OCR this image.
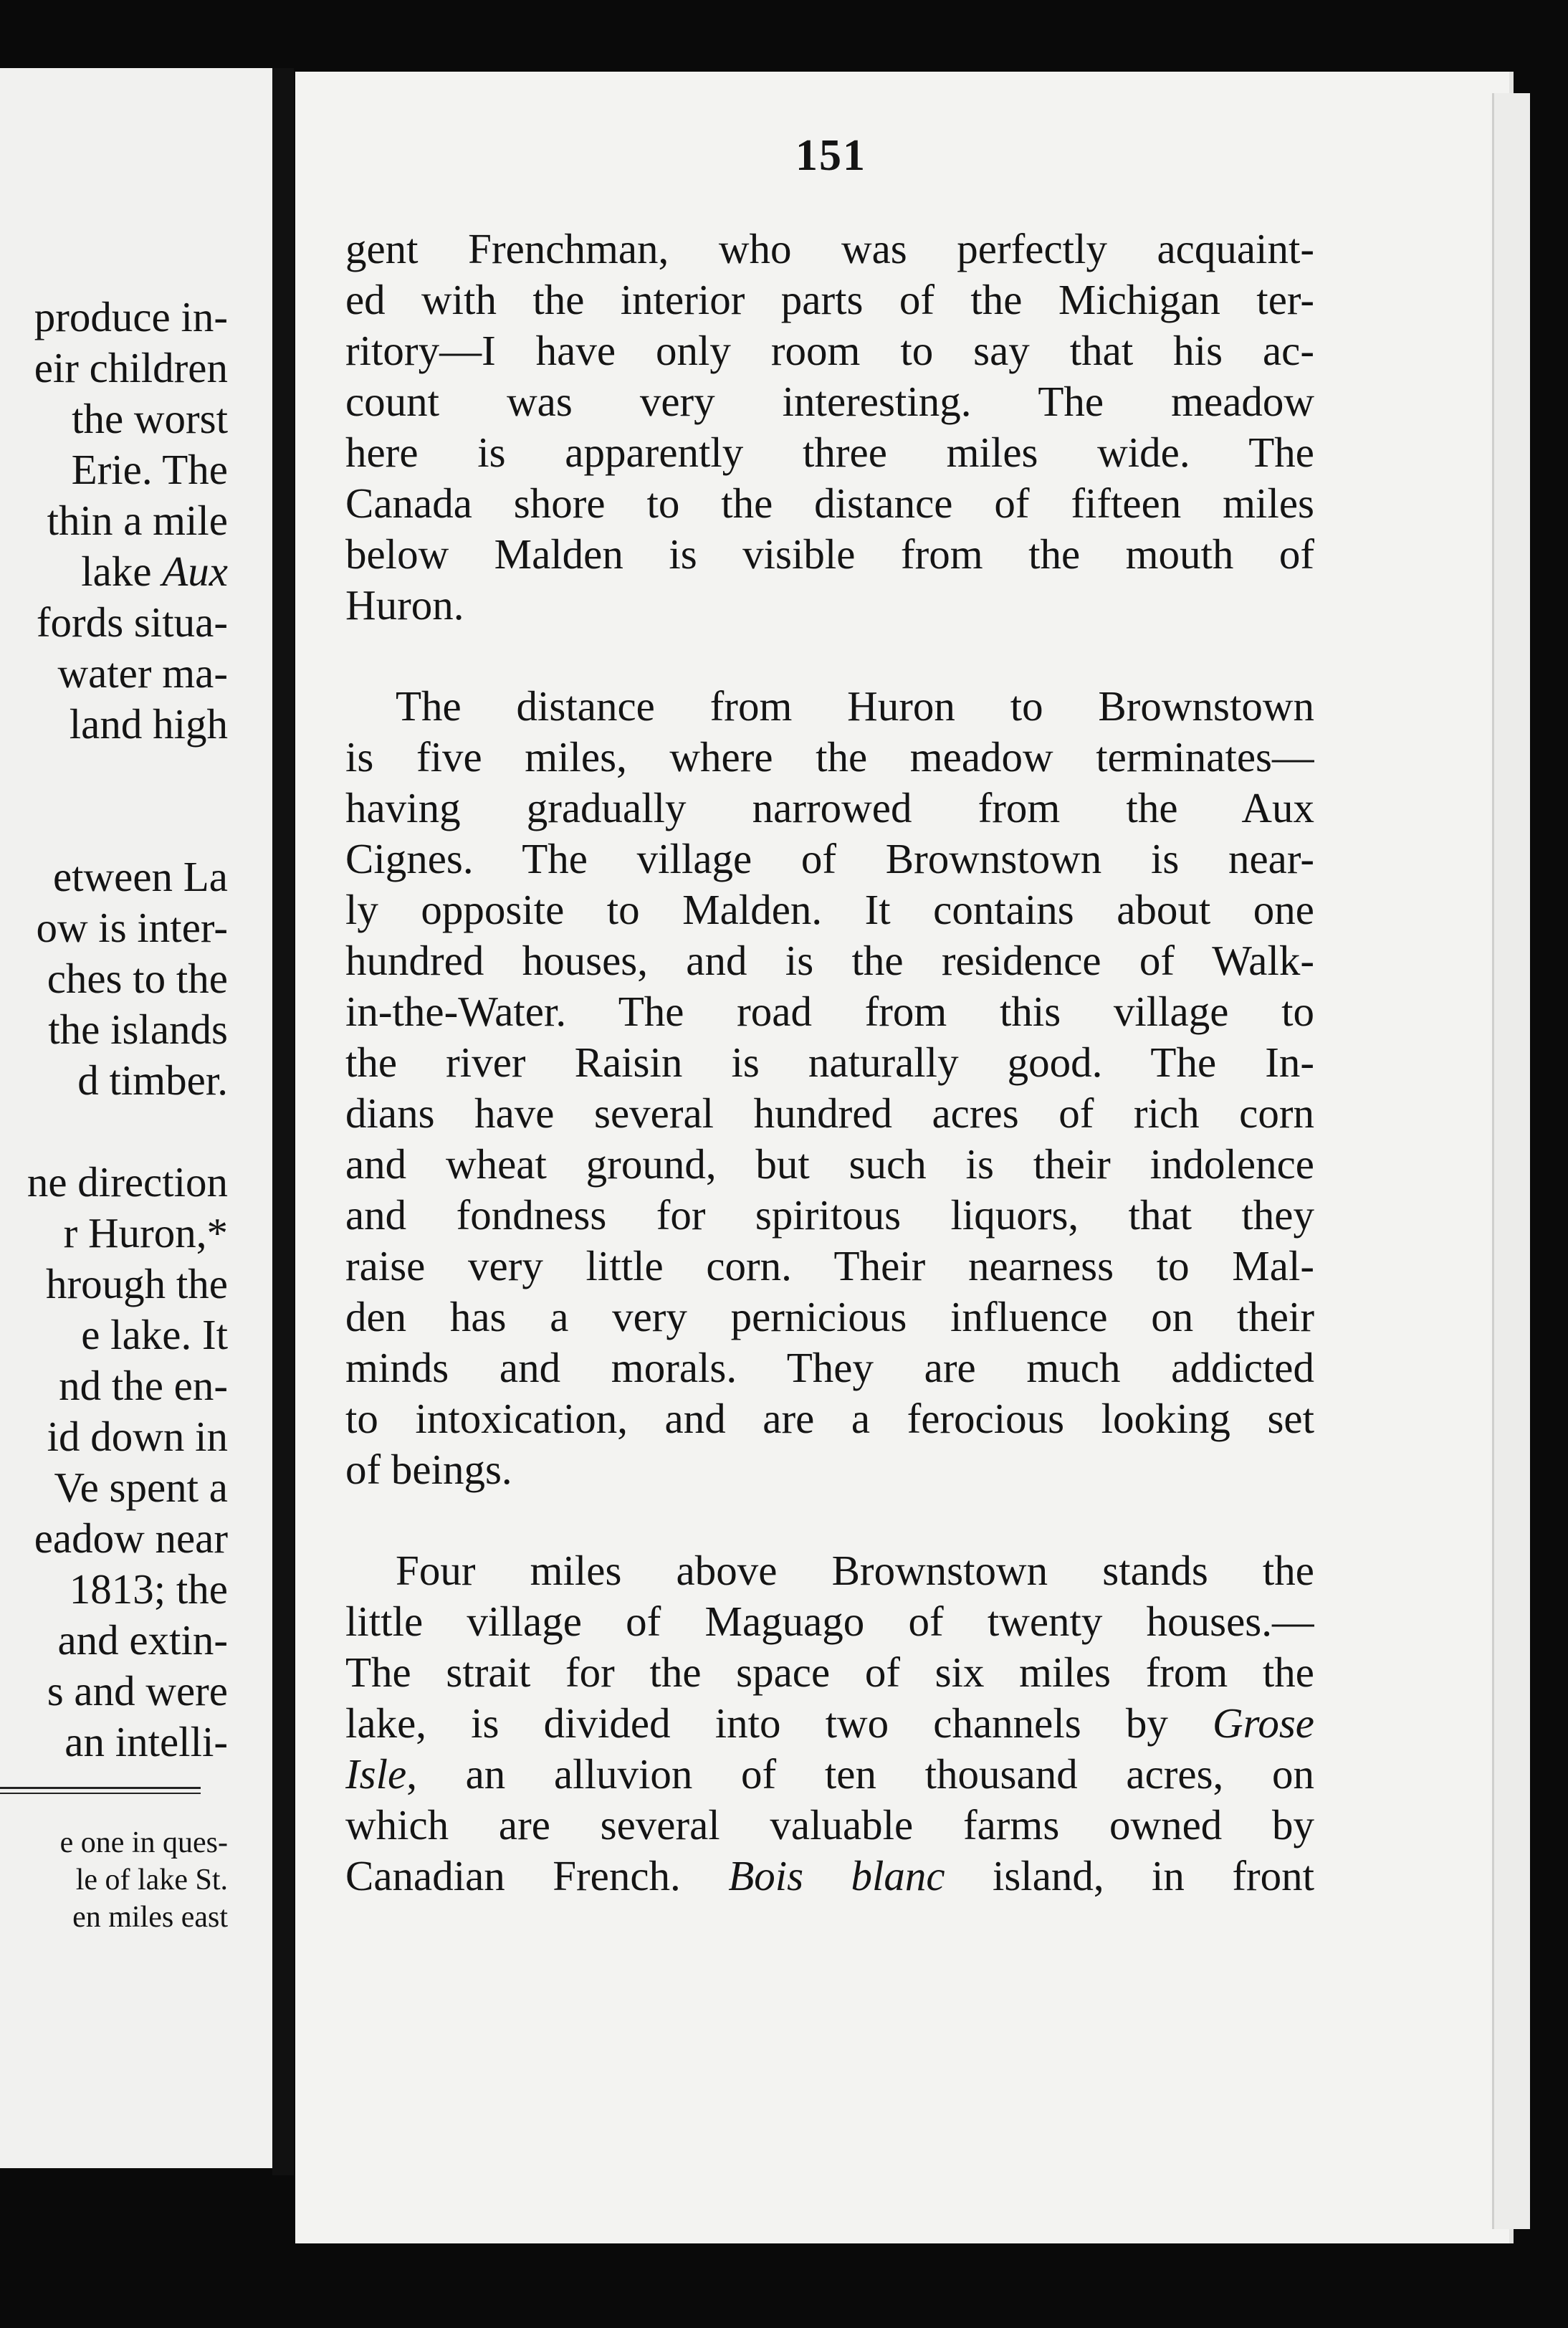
produce in-
eir children
the worst
Erie. The
thin a mile
lake Aux
fords situa-
water ma-
land high
etween La
ow is inter-
ches to the
the islands
d timber.
ne direction
r Huron,*
hrough the
e lake. It
nd the en-
id down in
Ve spent a
eadow near
1813; the
and extin-
s and were
an intelli-
e one in ques-
le of lake St.
en miles east
151
gent Frenchman, who was perfectly acquaint-
ed with the interior parts of the Michigan ter-
ritory—I have only room to say that his ac-
count was very interesting. The meadow
here is apparently three miles wide. The
Canada shore to the distance of fifteen miles
below Malden is visible from the mouth of
Huron.
The distance from Huron to Brownstown
is five miles, where the meadow terminates—
having gradually narrowed from the Aux
Cignes. The village of Brownstown is near-
ly opposite to Malden. It contains about one
hundred houses, and is the residence of Walk-
in-the-Water. The road from this village to
the river Raisin is naturally good. The In-
dians have several hundred acres of rich corn
and wheat ground, but such is their indolence
and fondness for spiritous liquors, that they
raise very little corn. Their nearness to Mal-
den has a very pernicious influence on their
minds and morals. They are much addicted
to intoxication, and are a ferocious looking set
of beings.
Four miles above Brownstown stands the
little village of Maguago of twenty houses.—
The strait for the space of six miles from the
lake, is divided into two channels by Grose
Isle, an alluvion of ten thousand acres, on
which are several valuable farms owned by
Canadian French. Bois blanc island, in front
